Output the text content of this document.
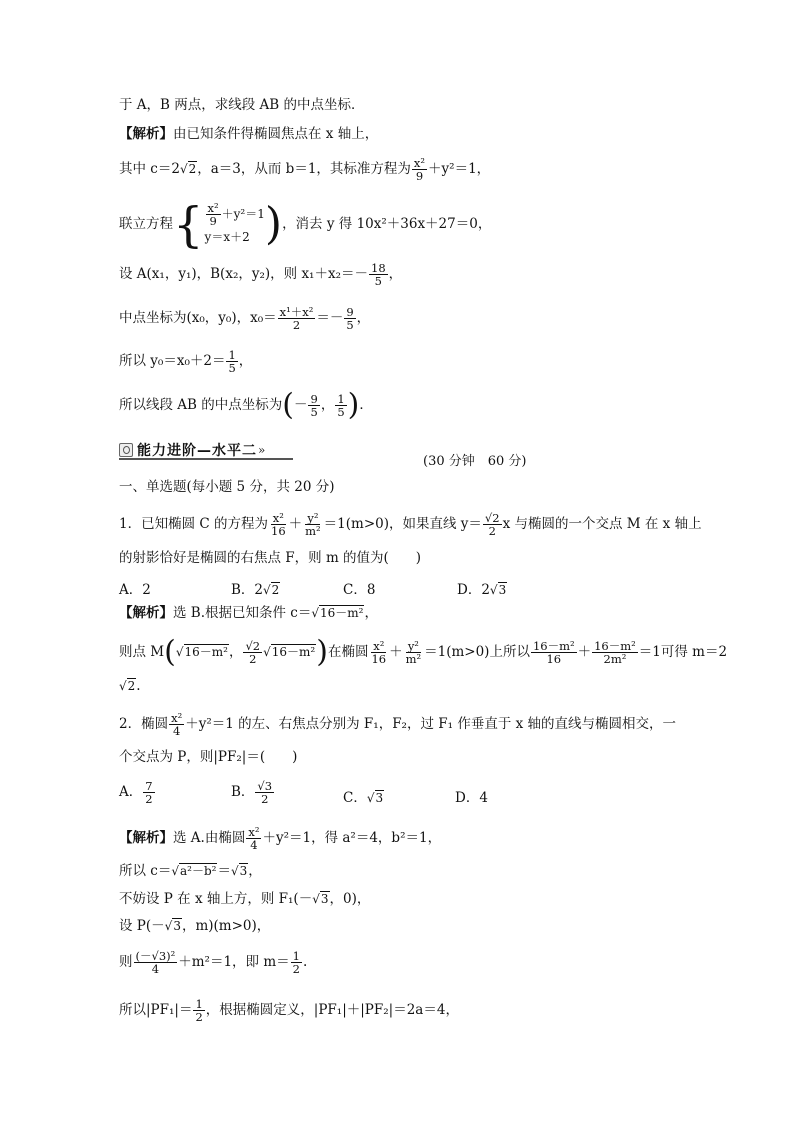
于 A，B 两点，求线段 AB 的中点坐标．
【解析】由已知条件得椭圆焦点在 x 轴上，
其中 c＝2√2，a＝3，从而 b＝1，其标准方程为 $\frac{\text{x²}}{9} +y^2=1$，
联立方程{ $\frac{\text{x²}}{9} +y^2=1$
y＝x＋2 )，消去 y 得 10x²＋36x＋27＝0，
设 A(x₁，y₁)，B(x₂，y₂)，则 $x_1+x_2=- \frac{18}{5}$ ，
中点坐标为(x₀，y₀)，$x_0= \frac{\text{x¹＋x²}}{2} =- \frac{9}{5}$ ，
所以 $y_0=x_0+2= \frac{1}{5}$ ，
所以线段 AB 的中点坐标为(－ $\frac{9}{5}$ ， $\frac{1}{5}$ )．
能力进阶—水平二 »
(30 分钟　60 分)
一、单选题(每小题 5 分，共 20 分)
1．已知椭圆 C 的方程为 $\frac{\text{x²}}{16} + \frac{\text{y²}}{\text{m²}} =1(m>0)$，如果直线 $y= \frac{√2}{2}$ x 与椭圆的一个交点 M 在 x 轴上
的射影恰好是椭圆的右焦点 F，则 m 的值为(　　)
A．2	B．2√2	C．8	D．2√3
【解析】选 B.根据已知条件 c＝√16－m²，
则点 M(√16－m²， $\frac{√2}{2} √16-m^2$)在椭圆 $\frac{\text{x²}}{16} + \frac{\text{y²}}{\text{m²}} =1(m>0)$上所以 $\frac{\text{16－m²}}{16} + \frac{\text{16－m²}}{\text{2m²}} =1$可得 m＝2
√2.
2．椭圆 $\frac{\text{x²}}{4} +y^2=1$ 的左、右焦点分别为 F₁，F₂，过 F₁ 作垂直于 x 轴的直线与椭圆相交，一
个交点为 P，则|PF₂|＝(　　)
A． $\frac{7}{2}$	B． $\frac{√3}{2}$	C．√3	D．4
【解析】选 A.由椭圆 $\frac{\text{x²}}{4} +y^2=1$，得 a²＝4，b²＝1，
所以 c＝√a²－b²＝√3，
不妨设 P 在 x 轴上方，则 F₁(－√3，0)，
设 P(－√3，m)(m>0)，
则 $\frac{\text{(－√3)²}}{4} +m^2=1$，即 $m= \frac{1}{2}$ .
所以$|PF_1|= \frac{1}{2}$ ，根据椭圆定义，|PF₁|＋|PF₂|＝2a＝4，
